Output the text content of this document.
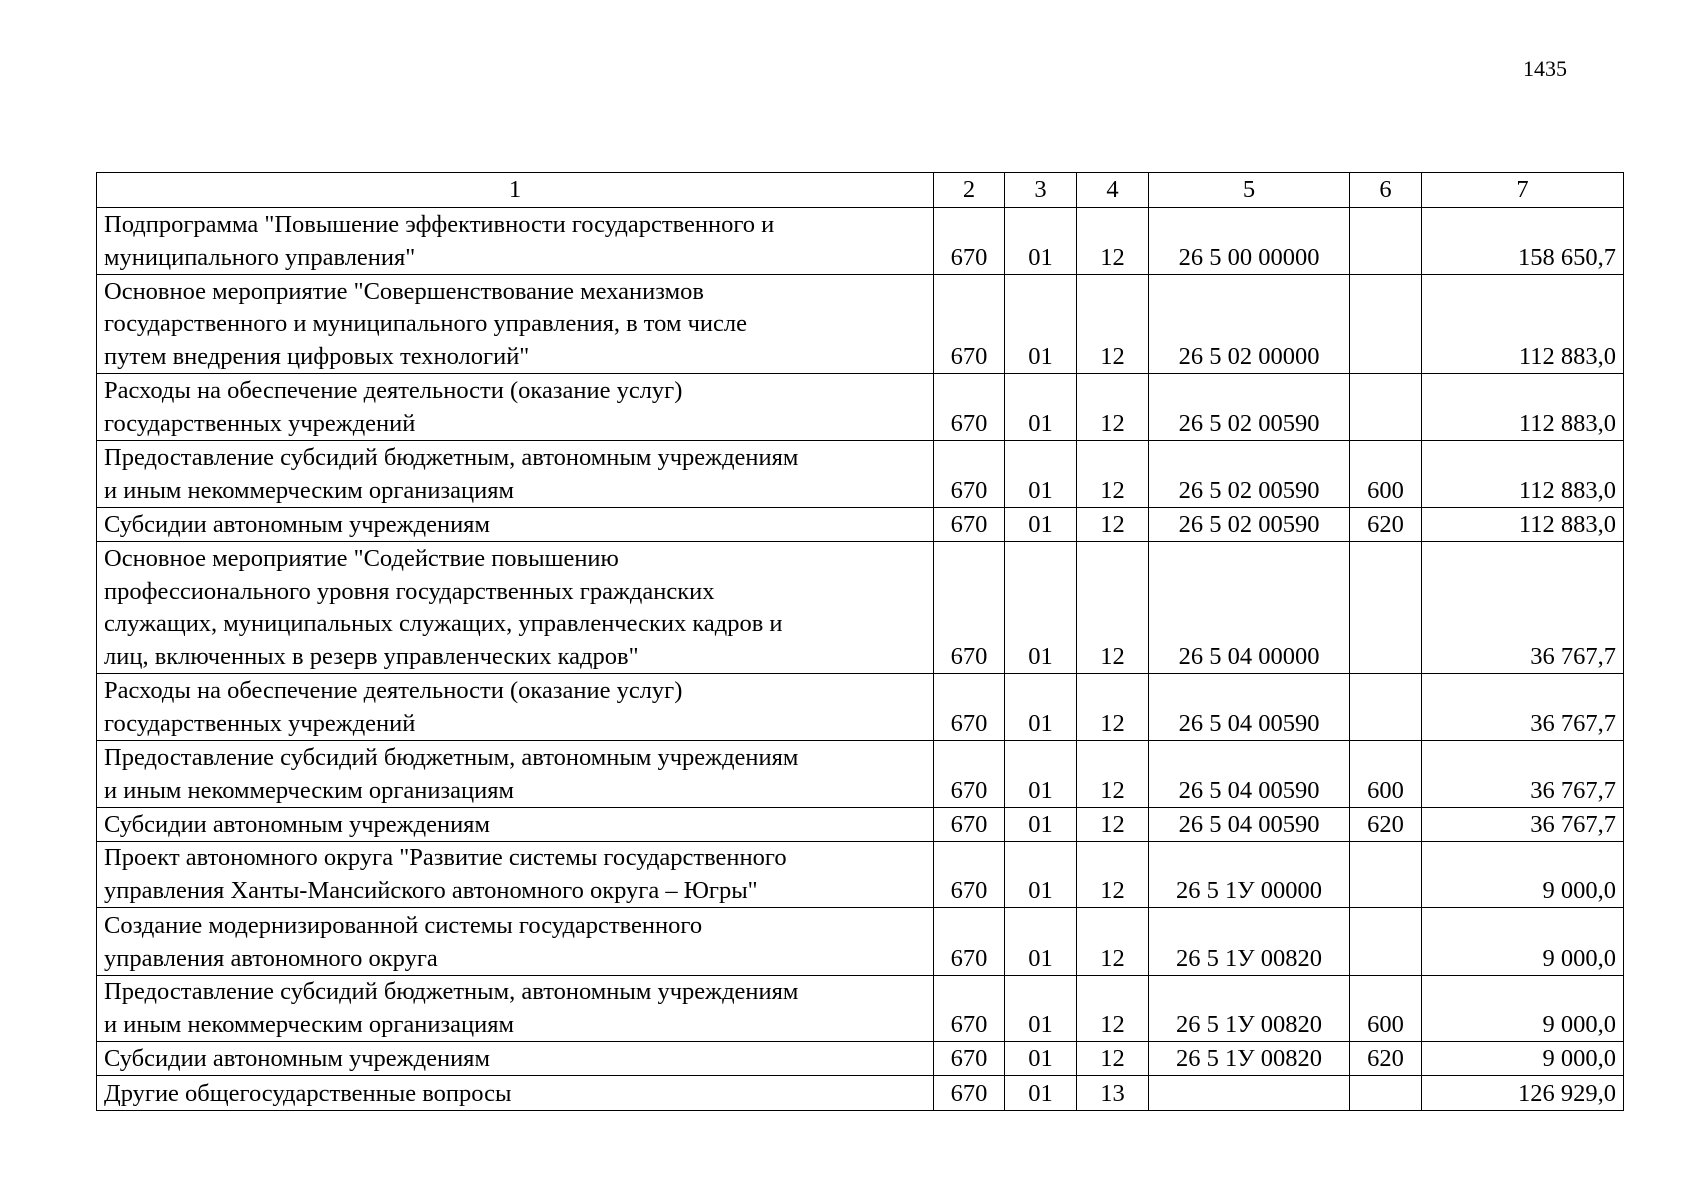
1435
1	2	3	4	5	6	7
Подпрограмма "Повышение эффективности государственного и
муниципального управления"	670	01	12	26 5 00 00000		158 650,7
Основное мероприятие "Совершенствование механизмов
государственного и муниципального управления, в том числе
путем внедрения цифровых технологий"	670	01	12	26 5 02 00000		112 883,0
Расходы на обеспечение деятельности (оказание услуг)
государственных учреждений	670	01	12	26 5 02 00590		112 883,0
Предоставление субсидий бюджетным, автономным учреждениям
и иным некоммерческим организациям	670	01	12	26 5 02 00590	600	112 883,0
Субсидии автономным учреждениям	670	01	12	26 5 02 00590	620	112 883,0
Основное мероприятие "Содействие повышению
профессионального уровня государственных гражданских
служащих, муниципальных служащих, управленческих кадров и
лиц, включенных в резерв управленческих кадров"	670	01	12	26 5 04 00000		36 767,7
Расходы на обеспечение деятельности (оказание услуг)
государственных учреждений	670	01	12	26 5 04 00590		36 767,7
Предоставление субсидий бюджетным, автономным учреждениям
и иным некоммерческим организациям	670	01	12	26 5 04 00590	600	36 767,7
Субсидии автономным учреждениям	670	01	12	26 5 04 00590	620	36 767,7
Проект автономного округа "Развитие системы государственного
управления Ханты-Мансийского автономного округа – Югры"	670	01	12	26 5 1У 00000		9 000,0
Создание модернизированной системы государственного
управления автономного округа	670	01	12	26 5 1У 00820		9 000,0
Предоставление субсидий бюджетным, автономным учреждениям
и иным некоммерческим организациям	670	01	12	26 5 1У 00820	600	9 000,0
Субсидии автономным учреждениям	670	01	12	26 5 1У 00820	620	9 000,0
Другие общегосударственные вопросы	670	01	13			126 929,0
